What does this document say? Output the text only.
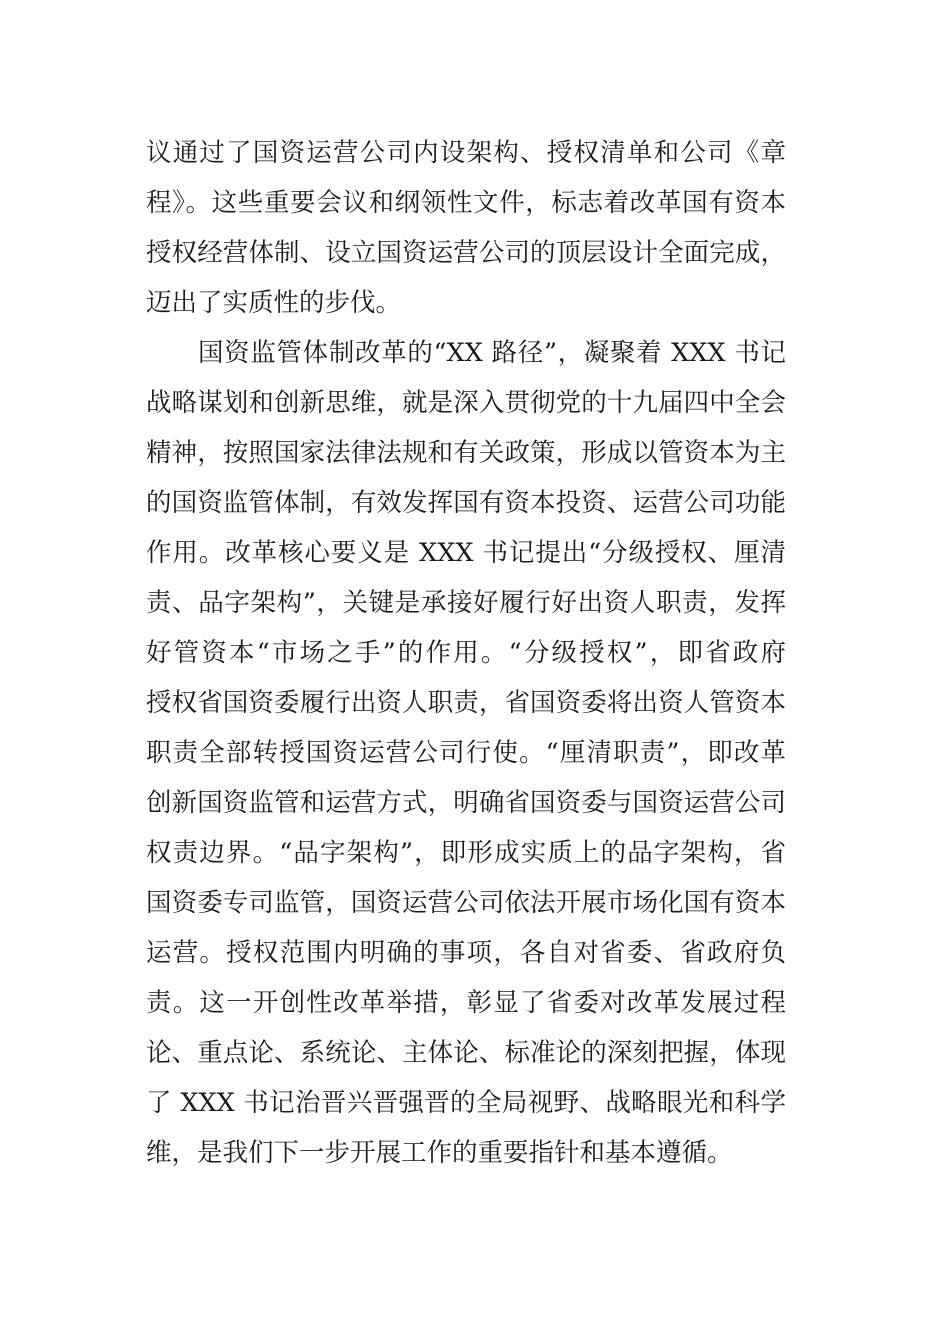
议通过了国资运营公司内设架构、授权清单和公司《章
程》。这些重要会议和纲领性文件，标志着改革国有资本
授权经营体制、设立国资运营公司的顶层设计全面完成，
迈出了实质性的步伐。
国资监管体制改革的“XX 路径”，凝聚着 XXX 书记
战略谋划和创新思维，就是深入贯彻党的十九届四中全会
精神，按照国家法律法规和有关政策，形成以管资本为主
的国资监管体制，有效发挥国有资本投资、运营公司功能
作用。改革核心要义是 XXX 书记提出“分级授权、厘清
责、品字架构”，关键是承接好履行好出资人职责，发挥
好管资本“市场之手”的作用。“分级授权”，即省政府
授权省国资委履行出资人职责，省国资委将出资人管资本
职责全部转授国资运营公司行使。“厘清职责”，即改革
创新国资监管和运营方式，明确省国资委与国资运营公司
权责边界。“品字架构”，即形成实质上的品字架构，省
国资委专司监管，国资运营公司依法开展市场化国有资本
运营。授权范围内明确的事项，各自对省委、省政府负
责。这一开创性改革举措，彰显了省委对改革发展过程
论、重点论、系统论、主体论、标准论的深刻把握，体现
了 XXX 书记治晋兴晋强晋的全局视野、战略眼光和科学
维，是我们下一步开展工作的重要指针和基本遵循。
